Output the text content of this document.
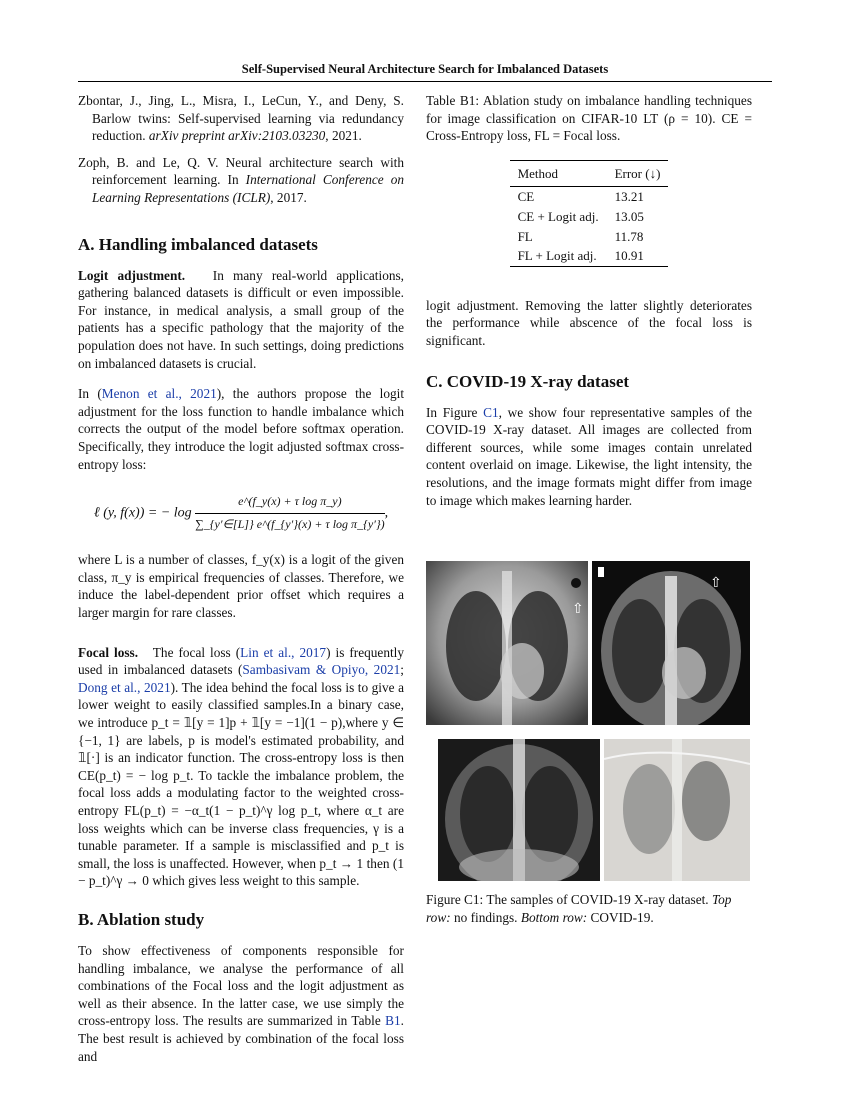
Self-Supervised Neural Architecture Search for Imbalanced Datasets

Zbontar, J., Jing, L., Misra, I., LeCun, Y., and Deny, S. Barlow twins: Self-supervised learning via redundancy reduction. arXiv preprint arXiv:2103.03230, 2021.

Zoph, B. and Le, Q. V. Neural architecture search with reinforcement learning. In International Conference on Learning Representations (ICLR), 2017.

A. Handling imbalanced datasets

Logit adjustment. In many real-world applications, gathering balanced datasets is difficult or even impossible. For instance, in medical analysis, a small group of the patients has a specific pathology that the majority of the population does not have. In such settings, doing predictions on imbalanced datasets is crucial.

In (Menon et al., 2021), the authors propose the logit adjustment for the loss function to handle imbalance which corrects the output of the model before softmax operation. Specifically, they introduce the logit adjusted softmax cross-entropy loss:

ℓ (y, f(x)) = − $\log \frac{\text{e\textasciicircum{}(f\_y(x) + τ log π\_y)}}{\text{∑\_\{y′∈[L]\} e\textasciicircum{}(f\_\{y′\}(x) + τ log π\_\{y′\})}}$ ,

where L is a number of classes, f_y(x) is a logit of the given class, π_y is empirical frequencies of classes. Therefore, we induce the label-dependent prior offset which requires a larger margin for rare classes.

Focal loss. The focal loss (Lin et al., 2017) is frequently used in imbalanced datasets (Sambasivam & Opiyo, 2021; Dong et al., 2021). The idea behind the focal loss is to give a lower weight to easily classified samples.In a binary case, we introduce p_t = 𝟙[y = 1]p + 𝟙[y = −1](1 − p),where y ∈ {−1, 1} are labels, p is model's estimated probability, and 𝟙[·] is an indicator function. The cross-entropy loss is then CE(p_t) = − log p_t. To tackle the imbalance problem, the focal loss adds a modulating factor to the weighted cross-entropy FL(p_t) = −α_t(1 − p_t)^γ log p_t, where α_t are loss weights which can be inverse class frequencies, γ is a tunable parameter. If a sample is misclassified and p_t is small, the loss is unaffected. However, when p_t → 1 then (1 − p_t)^γ → 0 which gives less weight to this sample.

B. Ablation study

To show effectiveness of components responsible for handling imbalance, we analyse the performance of all combinations of the Focal loss and the logit adjustment as well as their absence. In the latter case, we use simply the cross-entropy loss. The results are summarized in Table B1. The best result is achieved by combination of the focal loss and

Table B1: Ablation study on imbalance handling techniques for image classification on CIFAR-10 LT (ρ = 10). CE = Cross-Entropy loss, FL = Focal loss.

Method	Error (↓)
CE	13.21
CE + Logit adj.	13.05
FL	11.78
FL + Logit adj.	10.91

logit adjustment. Removing the latter slightly deteriorates the performance while abscence of the focal loss is significant.

C. COVID-19 X-ray dataset

In Figure C1, we show four representative samples of the COVID-19 X-ray dataset. All images are collected from different sources, while some images contain unrelated content overlaid on image. Likewise, the light intensity, the resolutions, and the image formats might differ from image to image which makes learning harder.

⇧
⇧

Figure C1: The samples of COVID-19 X-ray dataset. Top row: no findings. Bottom row: COVID-19.
